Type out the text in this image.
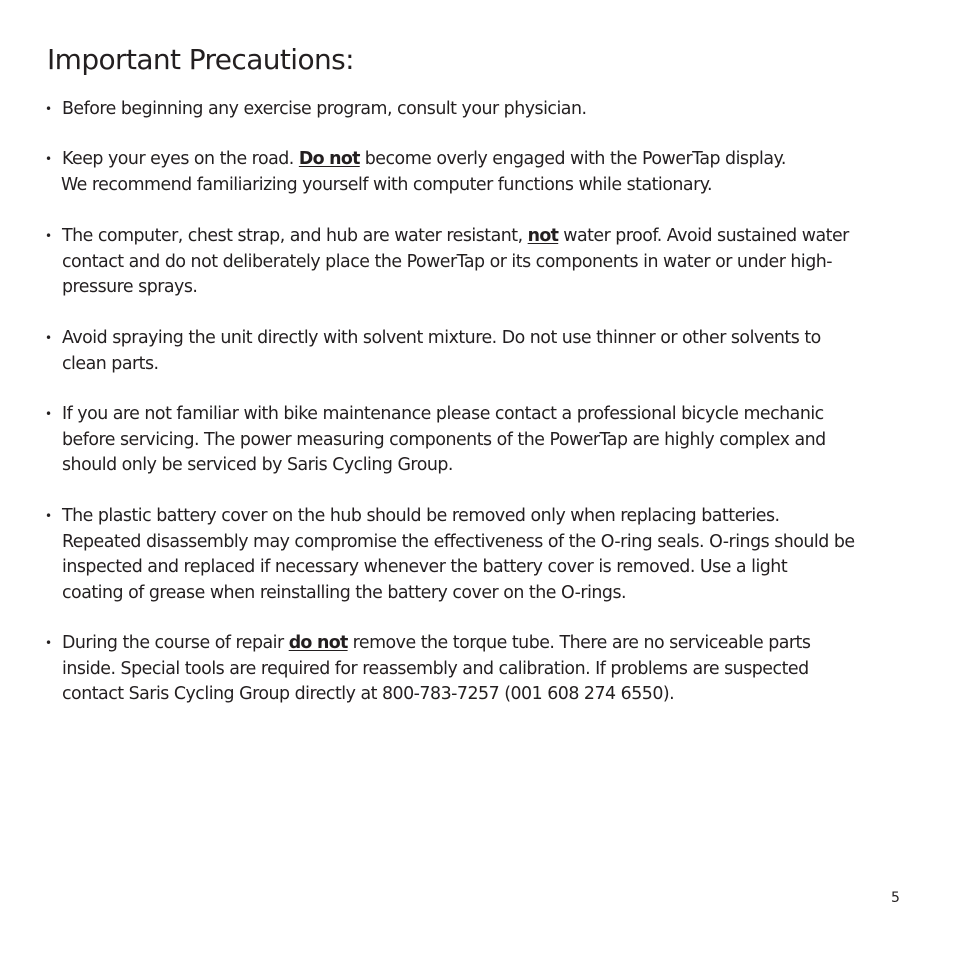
Important Precautions:
• Before beginning any exercise program, consult your physician.
• Keep your eyes on the road. Do not become overly engaged with the PowerTap display.
We recommend familiarizing yourself with computer functions while stationary.
• The computer, chest strap, and hub are water resistant, not water proof. Avoid sustained water
contact and do not deliberately place the PowerTap or its components in water or under high-
pressure sprays.
• Avoid spraying the unit directly with solvent mixture. Do not use thinner or other solvents to
clean parts.
• If you are not familiar with bike maintenance please contact a professional bicycle mechanic
before servicing. The power measuring components of the PowerTap are highly complex and
should only be serviced by Saris Cycling Group.
• The plastic battery cover on the hub should be removed only when replacing batteries.
Repeated disassembly may compromise the effectiveness of the O-ring seals. O-rings should be
inspected and replaced if necessary whenever the battery cover is removed. Use a light
coating of grease when reinstalling the battery cover on the O-rings.
• During the course of repair do not remove the torque tube. There are no serviceable parts
inside. Special tools are required for reassembly and calibration. If problems are suspected
contact Saris Cycling Group directly at 800-783-7257 (001 608 274 6550).
5
